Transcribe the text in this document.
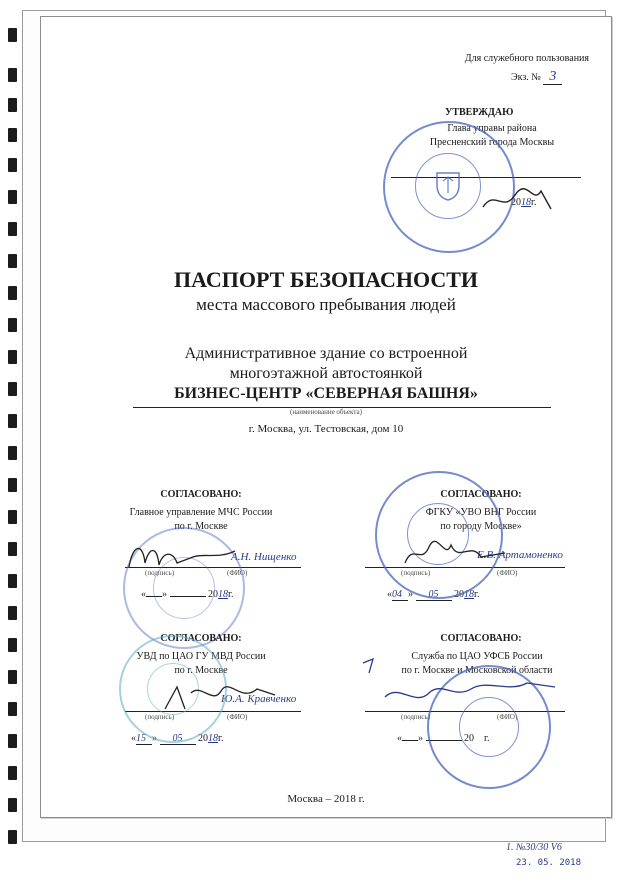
Для служебного пользования
Экз. № 3
УТВЕРЖДАЮ
Глава управы района
Пресненский города Москвы
2018г.
ПАСПОРТ БЕЗОПАСНОСТИ
места массового пребывания людей
Административное здание со встроенной
многоэтажной автостоянкой
БИЗНЕС-ЦЕНТР «СЕВЕРНАЯ БАШНЯ»
(наименование объекта)
г. Москва, ул. Тестовская, дом 10
СОГЛАСОВАНО:
Главное управление МЧС России
по г. Москве
(подпись)	(ФИО)
А.Н. Нищенко
« »	2018г.
СОГЛАСОВАНО:
ФГКУ «УВО ВНГ России
по городу Москве»
(подпись)	(ФИО)
Е.В. Артамоненко
«04 » 05 2018г.
СОГЛАСОВАНО:
УВД по ЦАО ГУ МВД России
по г. Москве
(подпись)	(ФИО)
Ю.А. Кравченко
«15 » 05 2018г.
СОГЛАСОВАНО:
Служба по ЦАО УФСБ России
по г. Москве и Московской области
(подпись)	(ФИО)
« »	20 г.
Москва – 2018 г.
1. №30/30 V6
23. 05. 2018
